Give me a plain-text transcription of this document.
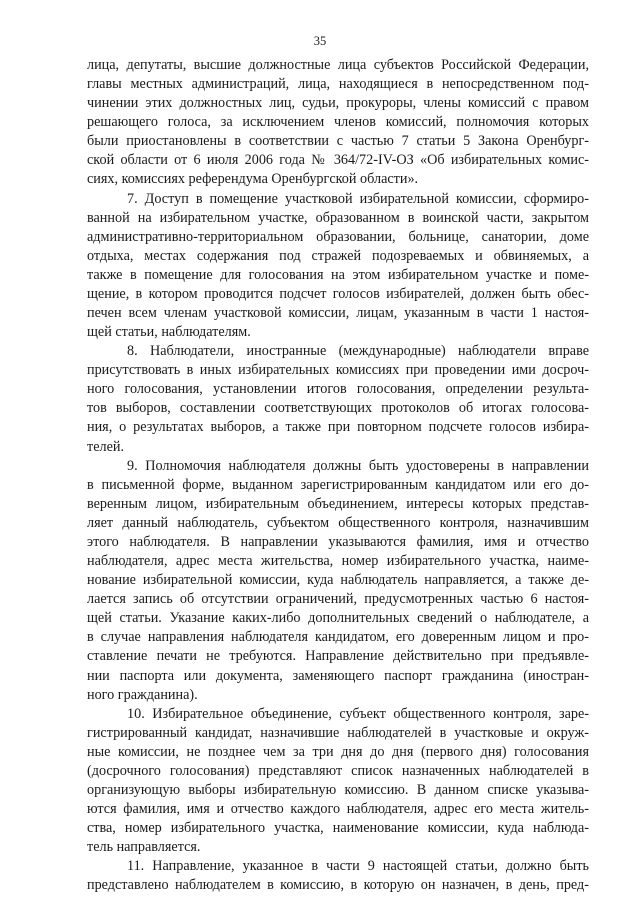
35
лица, депутаты, высшие должностные лица субъектов Российской Федерации,
главы местных администраций, лица, находящиеся в непосредственном под-
чинении этих должностных лиц, судьи, прокуроры, члены комиссий с правом
решающего голоса, за исключением членов комиссий, полномочия которых
были приостановлены в соответствии с частью 7 статьи 5 Закона Оренбург-
ской области от 6 июля 2006 года № 364/72-IV-ОЗ «Об избирательных комис-
сиях, комиссиях референдума Оренбургской области».
7. Доступ в помещение участковой избирательной комиссии, сформиро-
ванной на избирательном участке, образованном в воинской части, закрытом
административно-территориальном образовании, больнице, санатории, доме
отдыха, местах содержания под стражей подозреваемых и обвиняемых, а
также в помещение для голосования на этом избирательном участке и поме-
щение, в котором проводится подсчет голосов избирателей, должен быть обес-
печен всем членам участковой комиссии, лицам, указанным в части 1 настоя-
щей статьи, наблюдателям.
8. Наблюдатели, иностранные (международные) наблюдатели вправе
присутствовать в иных избирательных комиссиях при проведении ими досроч-
ного голосования, установлении итогов голосования, определении результа-
тов выборов, составлении соответствующих протоколов об итогах голосова-
ния, о результатах выборов, а также при повторном подсчете голосов избира-
телей.
9. Полномочия наблюдателя должны быть удостоверены в направлении
в письменной форме, выданном зарегистрированным кандидатом или его до-
веренным лицом, избирательным объединением, интересы которых представ-
ляет данный наблюдатель, субъектом общественного контроля, назначившим
этого наблюдателя. В направлении указываются фамилия, имя и отчество
наблюдателя, адрес места жительства, номер избирательного участка, наиме-
нование избирательной комиссии, куда наблюдатель направляется, а также де-
лается запись об отсутствии ограничений, предусмотренных частью 6 настоя-
щей статьи. Указание каких-либо дополнительных сведений о наблюдателе, а
в случае направления наблюдателя кандидатом, его доверенным лицом и про-
ставление печати не требуются. Направление действительно при предъявле-
нии паспорта или документа, заменяющего паспорт гражданина (иностран-
ного гражданина).
10. Избирательное объединение, субъект общественного контроля, заре-
гистрированный кандидат, назначившие наблюдателей в участковые и окруж-
ные комиссии, не позднее чем за три дня до дня (первого дня) голосования
(досрочного голосования) представляют список назначенных наблюдателей в
организующую выборы избирательную комиссию. В данном списке указыва-
ются фамилия, имя и отчество каждого наблюдателя, адрес его места житель-
ства, номер избирательного участка, наименование комиссии, куда наблюда-
тель направляется.
11. Направление, указанное в части 9 настоящей статьи, должно быть
представлено наблюдателем в комиссию, в которую он назначен, в день, пред-
